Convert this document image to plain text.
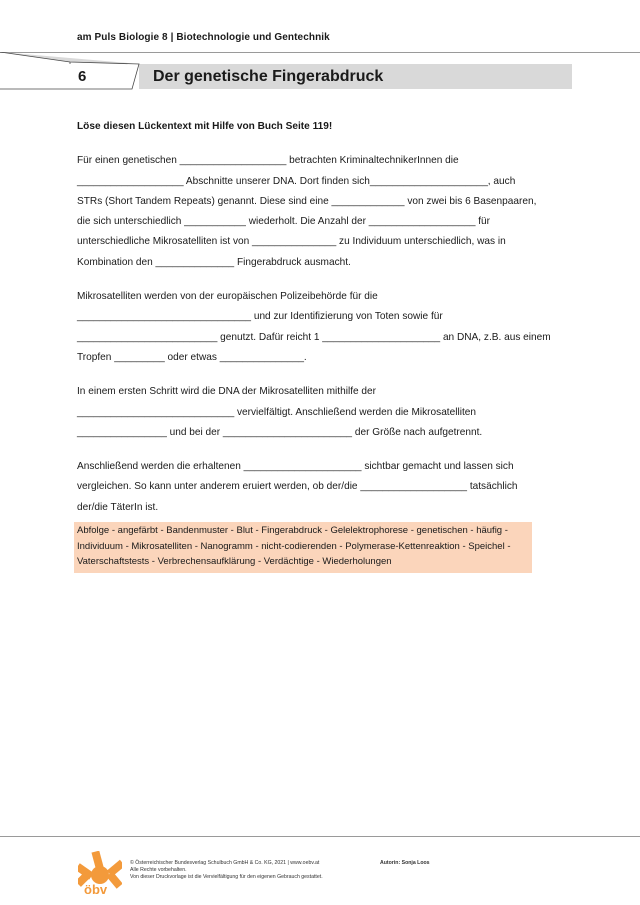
am Puls Biologie 8 | Biotechnologie und Gentechnik
6	Der genetische Fingerabdruck
Löse diesen Lückentext mit Hilfe von Buch Seite 119!
Für einen genetischen ___________________ betrachten KriminaltechnikerInnen die
___________________ Abschnitte unserer DNA. Dort finden sich_____________________, auch
STRs (Short Tandem Repeats) genannt. Diese sind eine _____________ von zwei bis 6 Basenpaaren,
die sich unterschiedlich ___________ wiederholt. Die Anzahl der ___________________ für
unterschiedliche Mikrosatelliten ist von _______________ zu Individuum unterschiedlich, was in
Kombination den ______________ Fingerabdruck ausmacht.
Mikrosatelliten werden von der europäischen Polizeibehörde für die
_______________________________ und zur Identifizierung von Toten sowie für
_________________________ genutzt. Dafür reicht 1 _____________________ an DNA, z.B. aus einem
Tropfen _________ oder etwas _______________.
In einem ersten Schritt wird die DNA der Mikrosatelliten mithilfe der
____________________________ vervielfältigt. Anschließend werden die Mikrosatelliten
________________ und bei der _______________________ der Größe nach aufgetrennt.
Anschließend werden die erhaltenen _____________________ sichtbar gemacht und lassen sich
vergleichen. So kann unter anderem eruiert werden, ob der/die ___________________ tatsächlich
der/die TäterIn ist.
Abfolge - angefärbt - Bandenmuster - Blut - Fingerabdruck - Gelelektrophorese - genetischen - häufig -
Individuum - Mikrosatelliten - Nanogramm - nicht-codierenden - Polymerase-Kettenreaktion - Speichel -
Vaterschaftstests - Verbrechensaufklärung - Verdächtige - Wiederholungen
öbv
© Österreichischer Bundesverlag Schulbuch GmbH & Co. KG, 2021 | www.oebv.at
Alle Rechte vorbehalten.
Von dieser Druckvorlage ist die Vervielfältigung für den eigenen Gebrauch gestattet.
Autorin: Sonja Loos
